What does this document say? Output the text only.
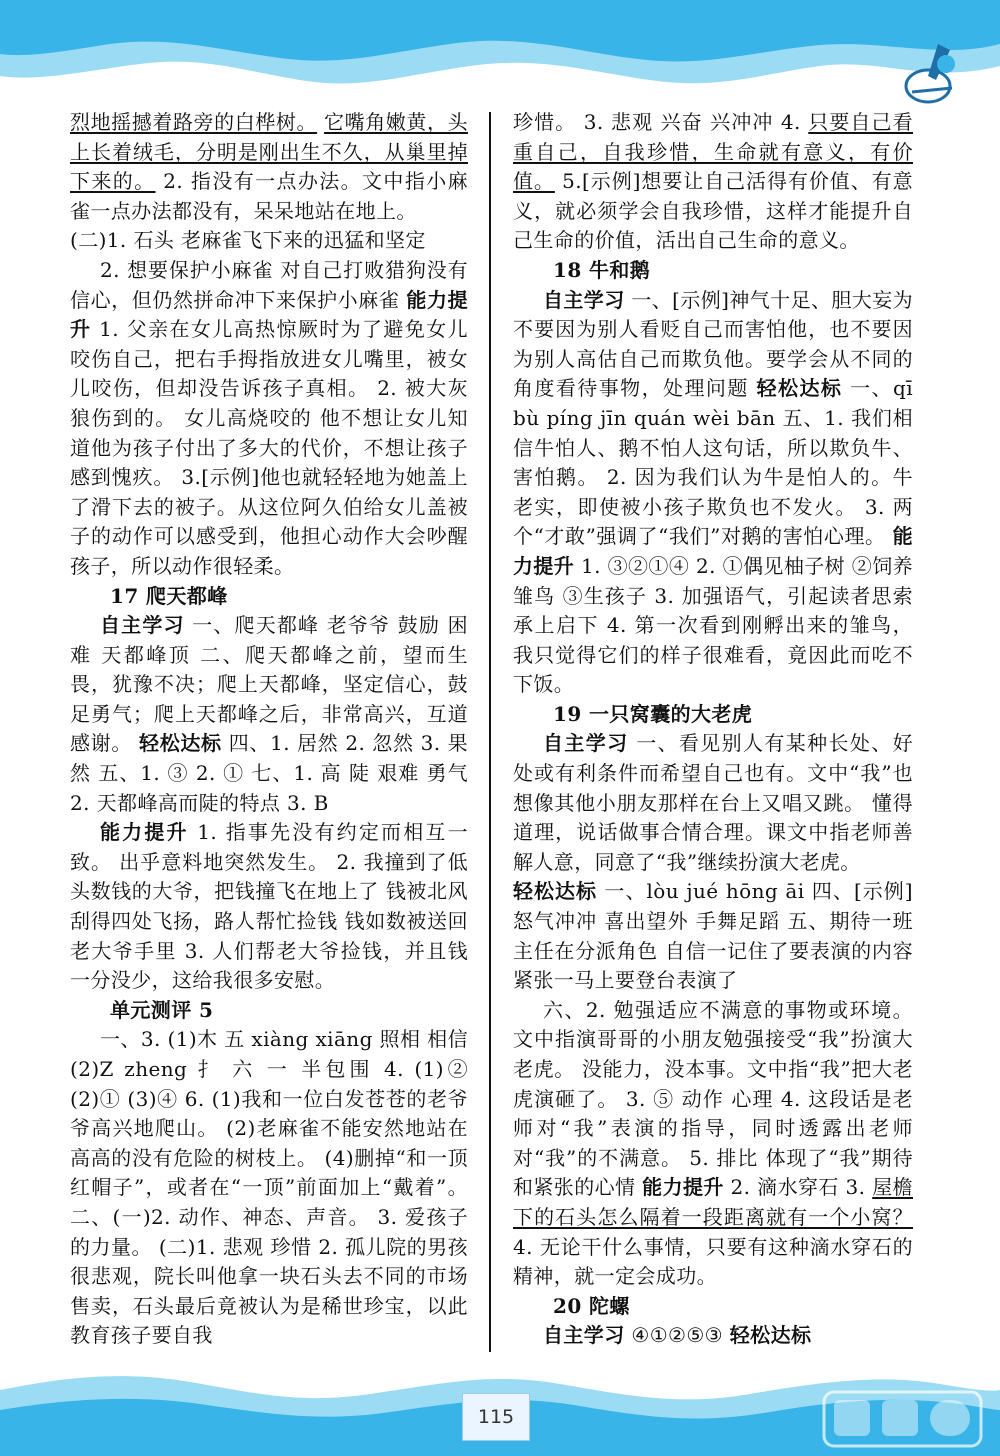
烈地摇撼着路旁的白桦树。 它嘴角嫩黄，头上长着绒毛，分明是刚出生不久，从巢里掉下来的。 2. 指没有一点办法。文中指小麻雀一点办法都没有，呆呆地站在地上。

(二)1. 石头 老麻雀飞下来的迅猛和坚定

2. 想要保护小麻雀 对自己打败猎狗没有信心，但仍然拼命冲下来保护小麻雀 能力提升 1. 父亲在女儿高热惊厥时为了避免女儿咬伤自己，把右手拇指放进女儿嘴里，被女儿咬伤，但却没告诉孩子真相。 2. 被大灰狼伤到的。 女儿高烧咬的 他不想让女儿知道他为孩子付出了多大的代价，不想让孩子感到愧疚。 3.[示例]他也就轻轻地为她盖上了滑下去的被子。从这位阿久伯给女儿盖被子的动作可以感受到，他担心动作大会吵醒孩子，所以动作很轻柔。

17 爬天都峰

自主学习 一、爬天都峰 老爷爷 鼓励 困难 天都峰顶 二、爬天都峰之前，望而生畏，犹豫不决；爬上天都峰，坚定信心，鼓足勇气；爬上天都峰之后，非常高兴，互道感谢。 轻松达标 四、1. 居然 2. 忽然 3. 果然 五、1. ③ 2. ① 七、1. 高 陡 艰难 勇气 2. 天都峰高而陡的特点 3. B

能力提升 1. 指事先没有约定而相互一致。 出乎意料地突然发生。 2. 我撞到了低头数钱的大爷，把钱撞飞在地上了 钱被北风刮得四处飞扬，路人帮忙捡钱 钱如数被送回老大爷手里 3. 人们帮老大爷捡钱，并且钱一分没少，这给我很多安慰。

单元测评 5

一、3. (1)木 五 xiàng xiāng 照相 相信 (2)Z zheng 扌 六 一 半包围 4. (1)② (2)① (3)④ 6. (1)我和一位白发苍苍的老爷爷高兴地爬山。 (2)老麻雀不能安然地站在高高的没有危险的树枝上。 (4)删掉“和一顶红帽子”，或者在“一顶”前面加上“戴着”。 二、(一)2. 动作、神态、声音。 3. 爱孩子的力量。 (二)1. 悲观 珍惜 2. 孤儿院的男孩很悲观，院长叫他拿一块石头去不同的市场售卖，石头最后竟被认为是稀世珍宝，以此教育孩子要自我

珍惜。 3. 悲观 兴奋 兴冲冲 4. 只要自己看重自己，自我珍惜，生命就有意义，有价值。 5.[示例]想要让自己活得有价值、有意义，就必须学会自我珍惜，这样才能提升自己生命的价值，活出自己生命的意义。

18 牛和鹅

自主学习 一、[示例]神气十足、胆大妄为 不要因为别人看贬自己而害怕他，也不要因为别人高估自己而欺负他。要学会从不同的角度看待事物，处理问题 轻松达标 一、qī bù píng jīn quán wèi bān 五、1. 我们相信牛怕人、鹅不怕人这句话，所以欺负牛、害怕鹅。 2. 因为我们认为牛是怕人的。牛老实，即使被小孩子欺负也不发火。 3. 两个“才敢”强调了“我们”对鹅的害怕心理。 能力提升 1. ③②①④ 2. ①偶见柚子树 ②饲养雏鸟 ③生孩子 3. 加强语气，引起读者思索 承上启下 4. 第一次看到刚孵出来的雏鸟，我只觉得它们的样子很难看，竟因此而吃不下饭。

19 一只窝囊的大老虎

自主学习 一、看见别人有某种长处、好处或有利条件而希望自己也有。文中“我”也想像其他小朋友那样在台上又唱又跳。 懂得道理，说话做事合情合理。课文中指老师善解人意，同意了“我”继续扮演大老虎。

轻松达标 一、lòu jué hōng āi 四、[示例]怒气冲冲 喜出望外 手舞足蹈 五、期待一班主任在分派角色 自信一记住了要表演的内容 紧张一马上要登台表演了

六、2. 勉强适应不满意的事物或环境。文中指演哥哥的小朋友勉强接受“我”扮演大老虎。 没能力，没本事。文中指“我”把大老虎演砸了。 3. ⑤ 动作 心理 4. 这段话是老师对“我”表演的指导，同时透露出老师对“我”的不满意。 5. 排比 体现了“我”期待和紧张的心情 能力提升 2. 滴水穿石 3. 屋檐下的石头怎么隔着一段距离就有一个小窝？ 4. 无论干什么事情，只要有这种滴水穿石的精神，就一定会成功。

20 陀螺

自主学习 ④①②⑤③ 轻松达标

115
